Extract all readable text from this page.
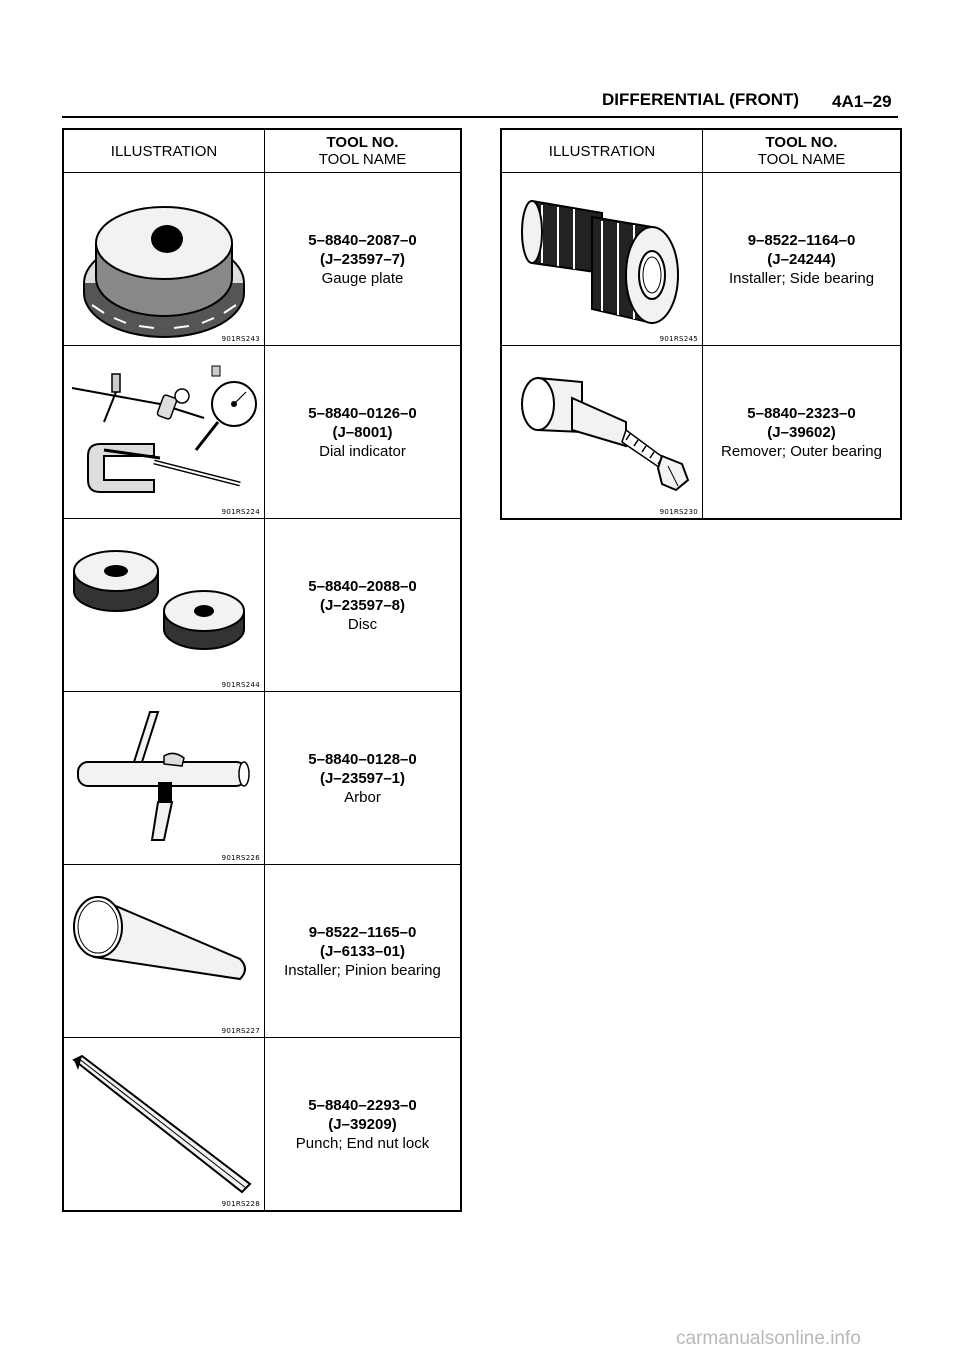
DIFFERENTIAL (FRONT) 4A1–29
ILLUSTRATION	TOOL NO.
TOOL NAME

901RS243	5–8840–2087–0
(J–23597–7)
Gauge plate

901RS224	5–8840–0126–0
(J–8001)
Dial indicator

901RS244	5–8840–2088–0
(J–23597–8)
Disc

901RS226	5–8840–0128–0
(J–23597–1)
Arbor

901RS227	9–8522–1165–0
(J–6133–01)
Installer; Pinion bearing

901RS228	5–8840–2293–0
(J–39209)
Punch; End nut lock
ILLUSTRATION	TOOL NO.
TOOL NAME

901RS245	9–8522–1164–0
(J–24244)
Installer; Side bearing

901RS230	5–8840–2323–0
(J–39602)
Remover; Outer bearing
carmanualsonline.info
